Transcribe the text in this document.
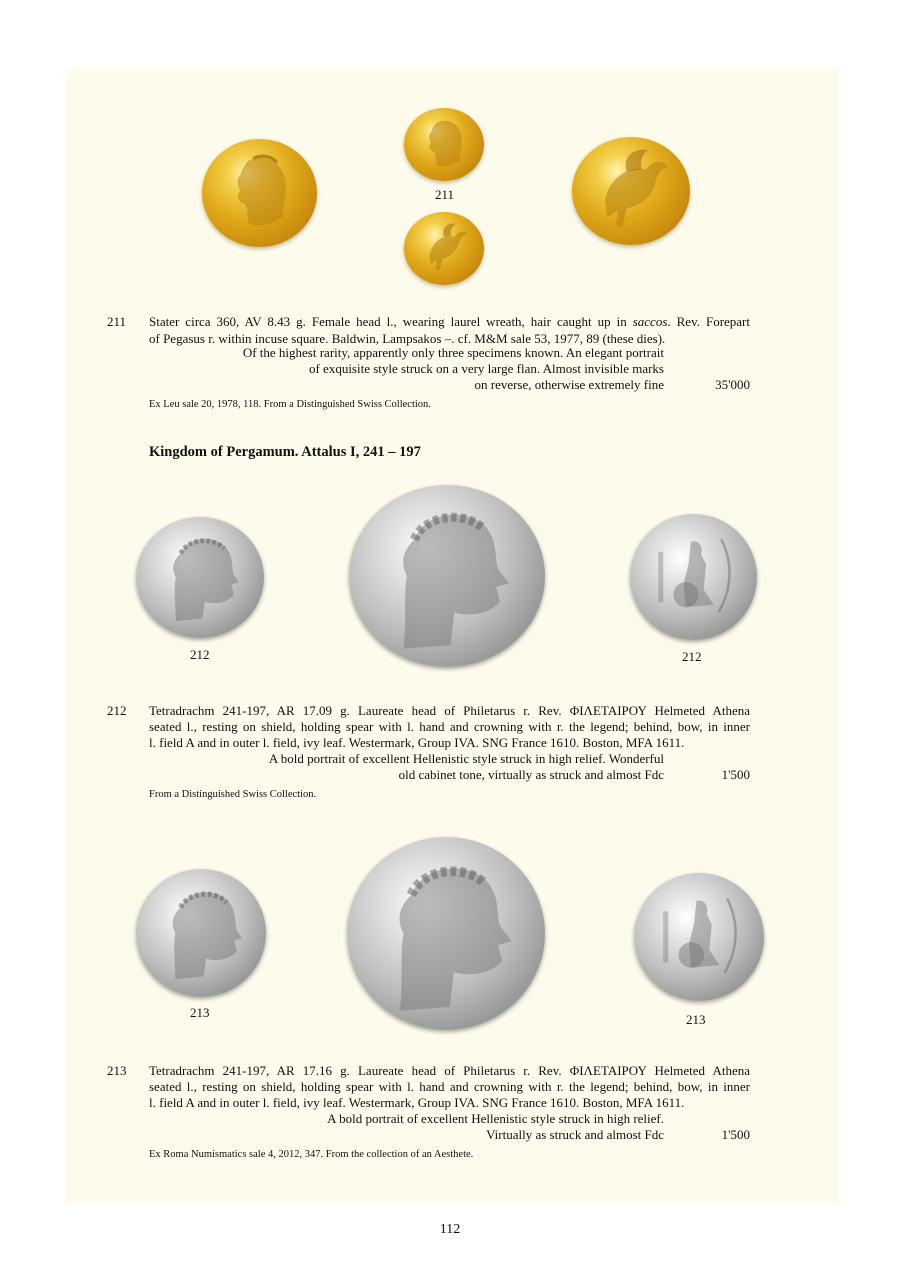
211
211 Stater circa 360, AV 8.43 g. Female head l., wearing laurel wreath, hair caught up in saccos. Rev. Forepart
of Pegasus r. within incuse square. Baldwin, Lampsakos –. cf. M&M sale 53, 1977, 89 (these dies).
Of the highest rarity, apparently only three specimens known. An elegant portrait
of exquisite style struck on a very large flan. Almost invisible marks
on reverse, otherwise extremely fine	35'000
Ex Leu sale 20, 1978, 118. From a Distinguished Swiss Collection.
Kingdom of Pergamum. Attalus I, 241 – 197
212	212
212 Tetradrachm 241-197, AR 17.09 g. Laureate head of Philetarus r. Rev. ΦΙΛΕΤΑΙΡΟΥ Helmeted Athena
seated l., resting on shield, holding spear with l. hand and crowning with r. the legend; behind, bow, in inner
l. field A and in outer l. field, ivy leaf. Westermark, Group IVA. SNG France 1610. Boston, MFA 1611.
A bold portrait of excellent Hellenistic style struck in high relief. Wonderful
old cabinet tone, virtually as struck and almost Fdc	1'500
From a Distinguished Swiss Collection.
213	213
213 Tetradrachm 241-197, AR 17.16 g. Laureate head of Philetarus r. Rev. ΦΙΛΕΤΑΙΡΟΥ Helmeted Athena
seated l., resting on shield, holding spear with l. hand and crowning with r. the legend; behind, bow, in inner
l. field A and in outer l. field, ivy leaf. Westermark, Group IVA. SNG France 1610. Boston, MFA 1611.
A bold portrait of excellent Hellenistic style struck in high relief.
Virtually as struck and almost Fdc	1'500
Ex Roma Numismatics sale 4, 2012, 347. From the collection of an Aesthete.
112
